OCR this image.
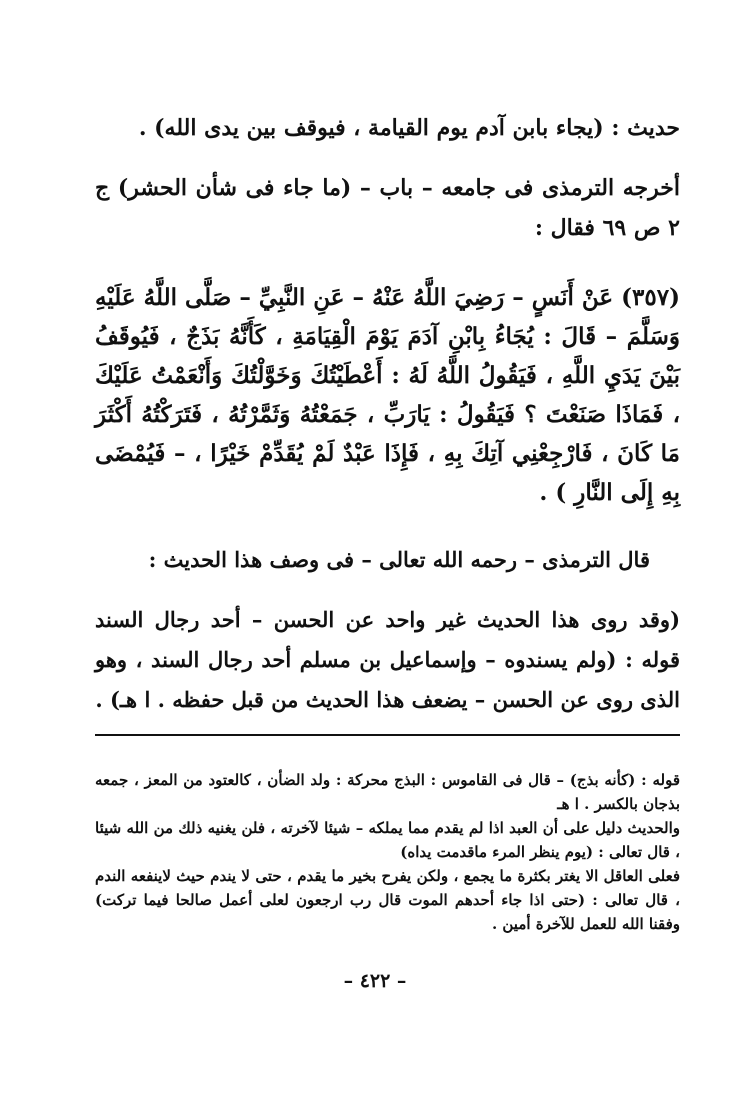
حديث : (يجاء بابن آدم يوم القيامة ، فيوقف بين يدى الله) .

أخرجه الترمذى فى جامعه – باب – (ما جاء فى شأن الحشر) ج ٢ ص ٦٩ فقال :

(٣٥٧) عَنْ أَنَسٍ – رَضِيَ اللَّهُ عَنْهُ – عَنِ النَّبِيِّ – صَلَّى اللَّهُ عَلَيْهِ وَسَلَّمَ – قَالَ : يُجَاءُ بِابْنِ آدَمَ يَوْمَ الْقِيَامَةِ ، كَأَنَّهُ بَذَجٌ ، فَيُوقَفُ بَيْنَ يَدَيِ اللَّهِ ، فَيَقُولُ اللَّهُ لَهُ : أَعْطَيْتُكَ وَخَوَّلْتُكَ وَأَنْعَمْتُ عَلَيْكَ ، فَمَاذَا صَنَعْتَ ؟ فَيَقُولُ : يَارَبِّ ، جَمَعْتُهُ وَثَمَّرْتُهُ ، فَتَرَكْتُهُ أَكْثَرَ مَا كَانَ ، فَارْجِعْنِي آتِكَ بِهِ ، فَإِذَا عَبْدٌ لَمْ يُقَدِّمْ خَيْرًا ، – فَيُمْضَى بِهِ إِلَى النَّارِ ) .

قال الترمذى – رحمه الله تعالى – فى وصف هذا الحديث :

(وقد روى هذا الحديث غير واحد عن الحسن – أحد رجال السند قوله : (ولم يسندوه – وإسماعيل بن مسلم أحد رجال السند ، وهو الذى روى عن الحسن – يضعف هذا الحديث من قبل حفظه . ا هـ) .

قوله : (كأنه بذج) – قال فى القاموس : البذج محركة : ولد الضأن ، كالعتود من المعز ، جمعه بذجان بالكسر . ا هـ

والحديث دليل على أن العبد اذا لم يقدم مما يملكه – شيئا لآخرته ، فلن يغنيه ذلك من الله شيئا ، قال تعالى : (يوم ينظر المرء ماقدمت يداه)

فعلى العاقل الا يغتر بكثرة ما يجمع ، ولكن يفرح بخير ما يقدم ، حتى لا يندم حيث لاينفعه الندم ، قال تعالى : (حتى اذا جاء أحدهم الموت قال رب ارجعون لعلى أعمل صالحا فيما تركت) وفقنا الله للعمل للآخرة أمين .

– ٤٢٢ –
